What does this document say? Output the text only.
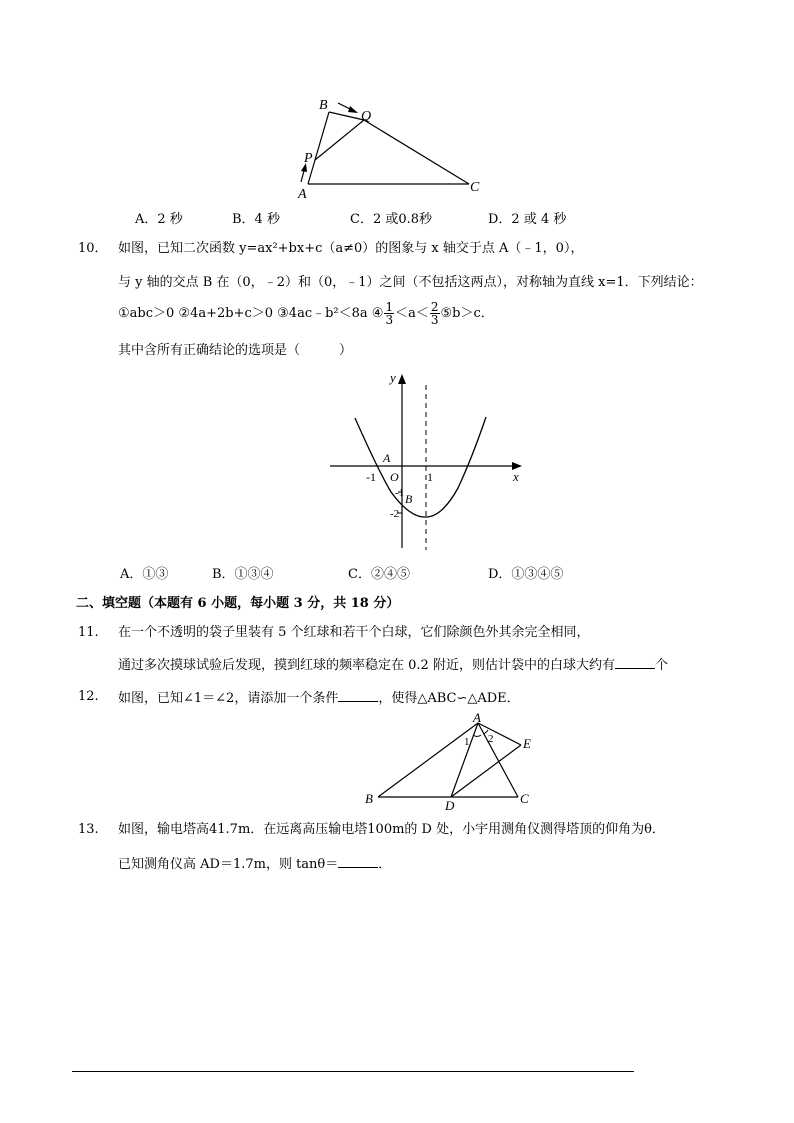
B
Q
P
A	C
A．2 秒	B．4 秒	C．2 或0.8秒	D．2 或 4 秒
10． 如图，已知二次函数 y=ax²+bx+c（a≠0）的图象与 x 轴交于点 A（﹣1，0），
与 y 轴的交点 B 在（0，﹣2）和（0，﹣1）之间（不包括这两点），对称轴为直线 x=1．下列结论：
①abc＞0 ②4a+2b+c＞0 ③4ac﹣b²＜8a ④ $\frac{1}{3} <a< \frac{2}{3}$ ⑤b＞c．
其中含所有正确结论的选项是（　　　）
y
x
A
O
-1	1
-1 B
-2
A．①③	B．①③④	C．②④⑤	D．①③④⑤
二、填空题（本题有 6 小题，每小题 3 分，共 18 分）
11. 在一个不透明的袋子里装有 5 个红球和若干个白球，它们除颜色外其余完全相同，
通过多次摸球试验后发现，摸到红球的频率稳定在 0.2 附近，则估计袋中的白球大约有	个
12. 如图，已知∠1＝∠2，请添加一个条件	，使得△ABC∽△ADE．
A
B	C
D
E
1 2
13. 如图，输电塔高41.7m．在远离高压输电塔100m的 D 处，小宇用测角仪测得塔顶的仰角为θ．
已知测角仪高 AD＝1.7m，则 tanθ＝	．
